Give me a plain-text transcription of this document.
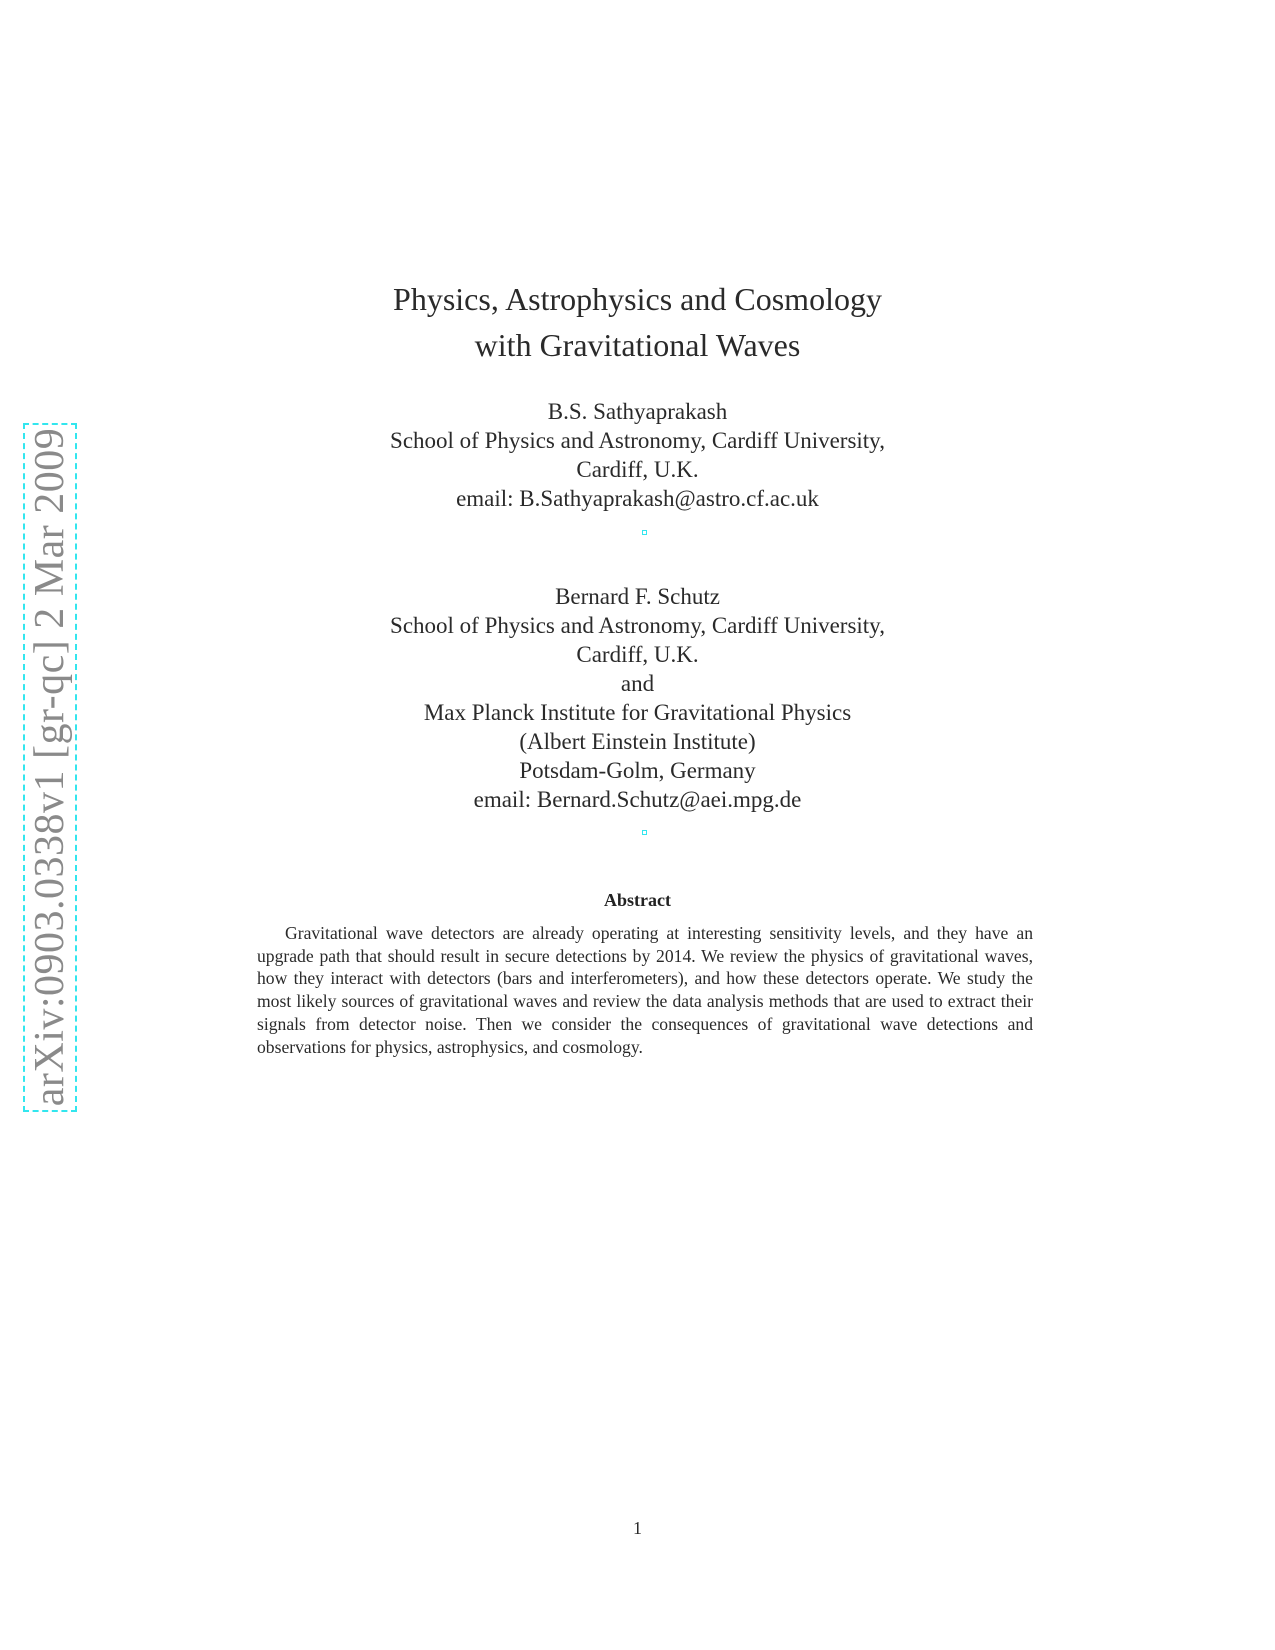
arXiv:0903.0338v1 [gr-qc] 2 Mar 2009
Physics, Astrophysics and Cosmology
with Gravitational Waves
B.S. Sathyaprakash
School of Physics and Astronomy, Cardiff University,
Cardiff, U.K.
email: B.Sathyaprakash@astro.cf.ac.uk
Bernard F. Schutz
School of Physics and Astronomy, Cardiff University,
Cardiff, U.K.
and
Max Planck Institute for Gravitational Physics
(Albert Einstein Institute)
Potsdam-Golm, Germany
email: Bernard.Schutz@aei.mpg.de
Abstract
Gravitational wave detectors are already operating at interesting sensitivity levels, and they have an upgrade path that should result in secure detections by 2014. We review the physics of gravitational waves, how they interact with detectors (bars and interferometers), and how these detectors operate. We study the most likely sources of gravitational waves and review the data analysis methods that are used to extract their signals from detector noise. Then we consider the consequences of gravitational wave detections and observations for physics, astrophysics, and cosmology.
1
